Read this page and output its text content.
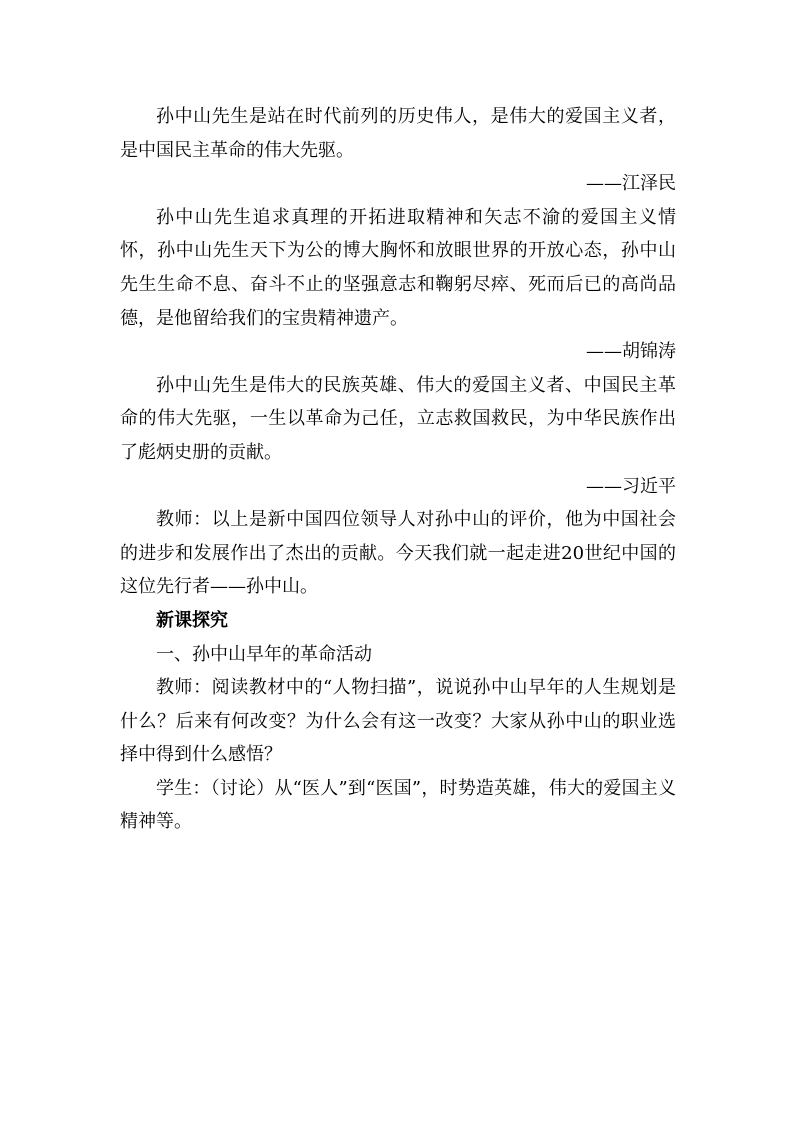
孙中山先生是站在时代前列的历史伟人，是伟大的爱国主义者，是中国民主革命的伟大先驱。

——江泽民

孙中山先生追求真理的开拓进取精神和矢志不渝的爱国主义情怀，孙中山先生天下为公的博大胸怀和放眼世界的开放心态，孙中山先生生命不息、奋斗不止的坚强意志和鞠躬尽瘁、死而后已的高尚品德，是他留给我们的宝贵精神遗产。

——胡锦涛

孙中山先生是伟大的民族英雄、伟大的爱国主义者、中国民主革命的伟大先驱，一生以革命为己任，立志救国救民，为中华民族作出了彪炳史册的贡献。

——习近平

教师：以上是新中国四位领导人对孙中山的评价，他为中国社会的进步和发展作出了杰出的贡献。今天我们就一起走进20世纪中国的这位先行者——孙中山。

新课探究

一、孙中山早年的革命活动

教师：阅读教材中的“人物扫描”，说说孙中山早年的人生规划是什么？后来有何改变？为什么会有这一改变？大家从孙中山的职业选择中得到什么感悟？

学生：（讨论）从“医人”到“医国”，时势造英雄，伟大的爱国主义精神等。
